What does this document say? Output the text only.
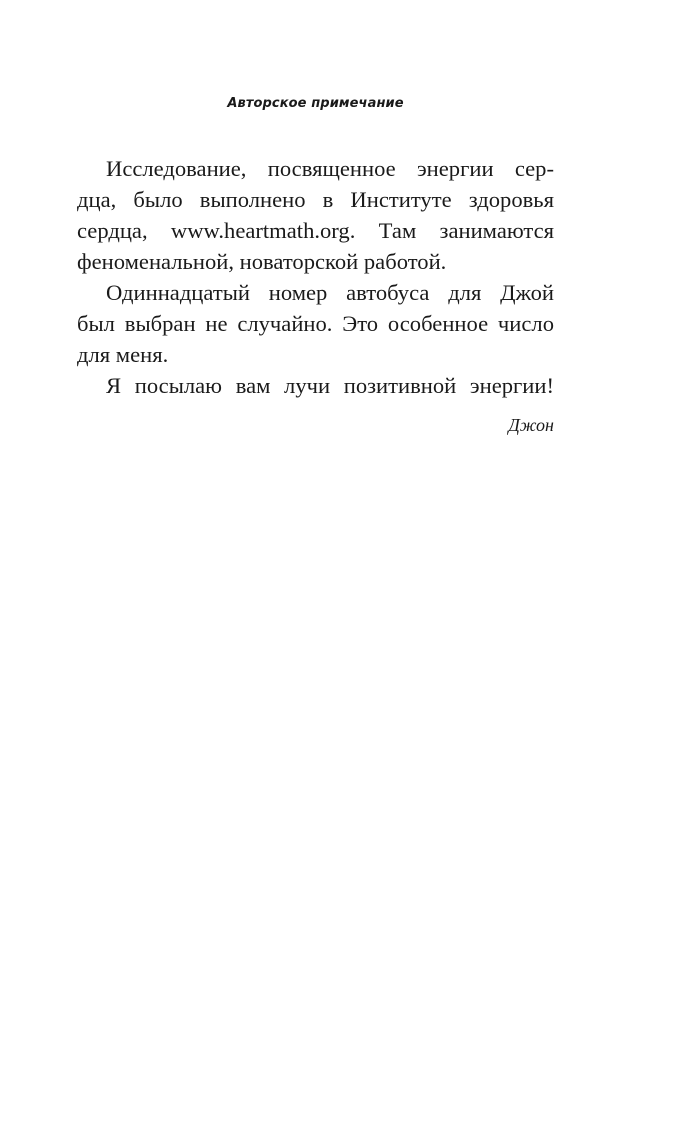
Авторское примечание
Исследование, посвященное энергии сер-
дца, было выполнено в Институте здоровья
сердца, www.heartmath.org. Там занимаются
феноменальной, новаторской работой.
Одиннадцатый номер автобуса для Джой
был выбран не случайно. Это особенное число
для меня.
Я посылаю вам лучи позитивной энергии!
Джон
